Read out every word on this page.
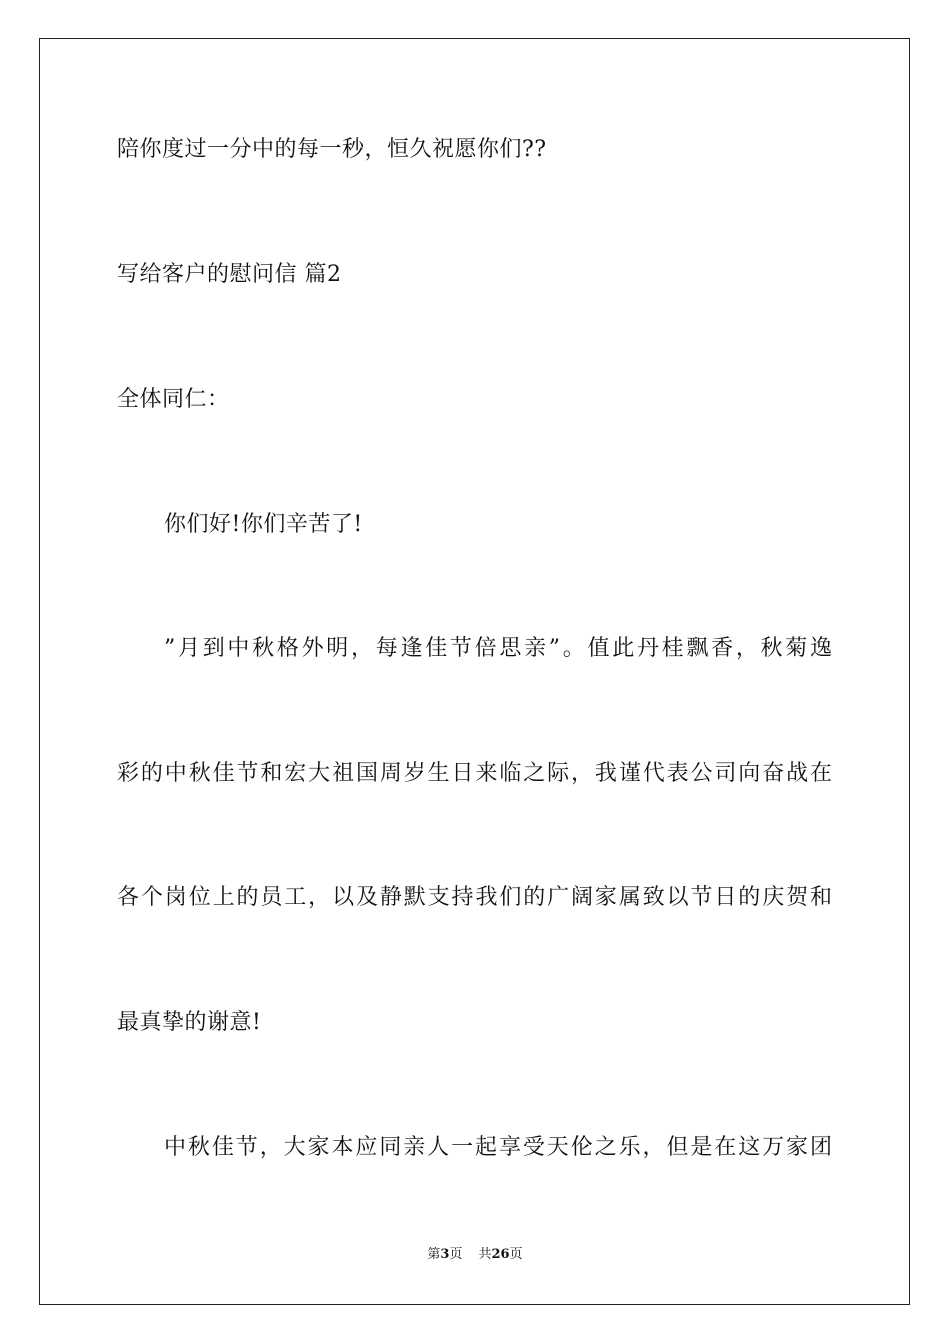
陪你度过一分中的每一秒，恒久祝愿你们??
写给客户的慰问信 篇2
全体同仁：
你们好!你们辛苦了!
”月到中秋格外明，每逢佳节倍思亲”。值此丹桂飘香，秋菊逸
彩的中秋佳节和宏大祖国周岁生日来临之际，我谨代表公司向奋战在
各个岗位上的员工，以及静默支持我们的广阔家属致以节日的庆贺和
最真挚的谢意!
中秋佳节，大家本应同亲人一起享受天伦之乐，但是在这万家团
第3页 共26页
